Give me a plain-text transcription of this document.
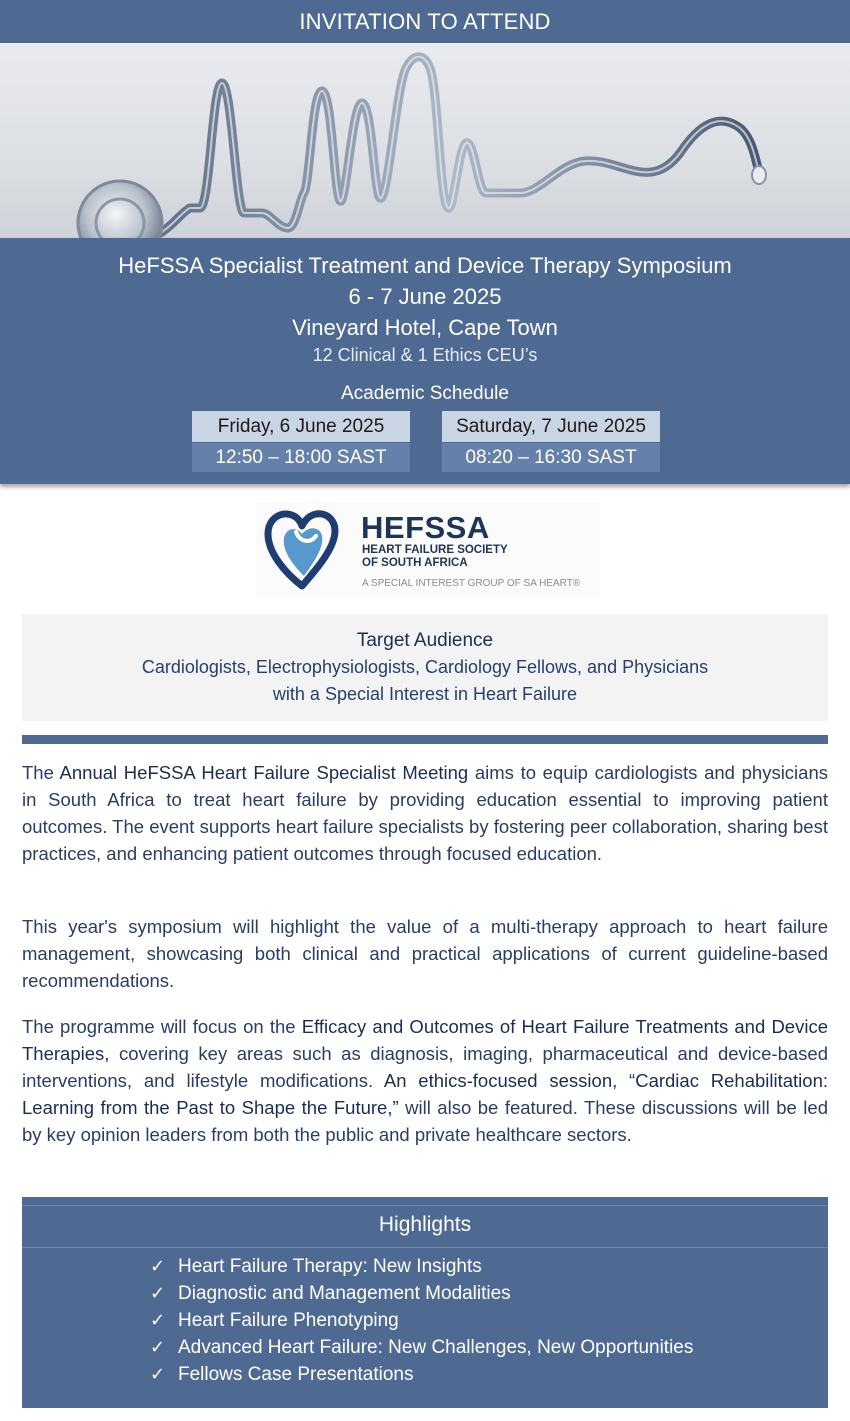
INVITATION TO ATTEND
HeFSSA Specialist Treatment and Device Therapy Symposium
6 - 7 June 2025
Vineyard Hotel, Cape Town
12 Clinical & 1 Ethics CEU’s
Academic Schedule
Friday, 6 June 2025
12:50 – 18:00 SAST
Saturday, 7 June 2025
08:20 – 16:30 SAST
HEFSSA
HEART FAILURE SOCIETY
OF SOUTH AFRICA
A SPECIAL INTEREST GROUP OF SA HEART®
Target Audience
Cardiologists, Electrophysiologists, Cardiology Fellows, and Physicians
with a Special Interest in Heart Failure
The Annual HeFSSA Heart Failure Specialist Meeting aims to equip cardiologists and physicians in South Africa to treat heart failure by providing education essential to improving patient outcomes. The event supports heart failure specialists by fostering peer collaboration, sharing best practices, and enhancing patient outcomes through focused education.
This year's symposium will highlight the value of a multi-therapy approach to heart failure management, showcasing both clinical and practical applications of current guideline-based recommendations.
The programme will focus on the Efficacy and Outcomes of Heart Failure Treatments and Device Therapies, covering key areas such as diagnosis, imaging, pharmaceutical and device-based interventions, and lifestyle modifications. An ethics-focused session, “Cardiac Rehabilitation: Learning from the Past to Shape the Future,” will also be featured. These discussions will be led by key opinion leaders from both the public and private healthcare sectors.
Highlights
✓ Heart Failure Therapy: New Insights
✓ Diagnostic and Management Modalities
✓ Heart Failure Phenotyping
✓ Advanced Heart Failure: New Challenges, New Opportunities
✓ Fellows Case Presentations
